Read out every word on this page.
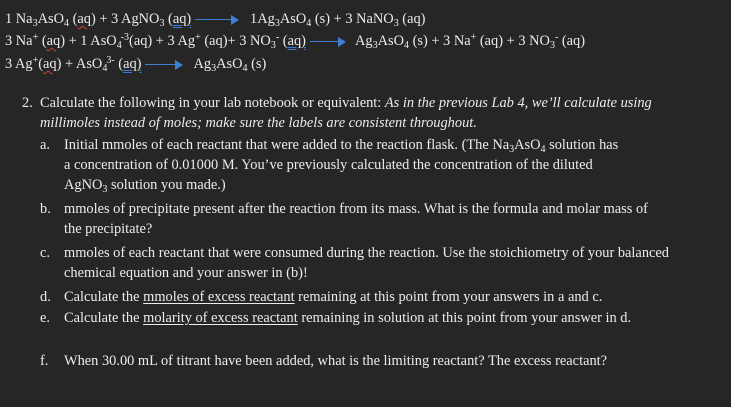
1 $Na_3AsO_4$ (aq) + 3 AgNO$_3$ (aq)	$1Ag_3AsO_4$ (s) + 3 NaNO$_3$ (aq)
3 Na+ (aq) + 1 AsO$_4^{-3}$(aq) + 3 Ag+ (aq)+ 3 $NO_3^-$ (aq)	$Ag_3AsO_4$ (s) + 3 Na+ (aq) + 3 $NO_3^-$ (aq)
3 Ag+(aq) + AsO$_4^{3-}$ (aq)	$Ag_3AsO_4$ (s)
2. Calculate the following in your lab notebook or equivalent: As in the previous Lab 4, we’ll calculate using millimoles instead of moles; make sure the labels are consistent throughout.
a. Initial mmoles of each reactant that were added to the reaction flask. (The $Na_3AsO_4$ solution has
a concentration of 0.01000 M. You’ve previously calculated the concentration of the diluted
AgNO$_3$ solution you made.)
b. mmoles of precipitate present after the reaction from its mass. What is the formula and molar mass of the precipitate?
c. mmoles of each reactant that were consumed during the reaction. Use the stoichiometry of your balanced chemical equation and your answer in (b)!
d. Calculate the mmoles of excess reactant remaining at this point from your answers in a and c.
e. Calculate the molarity of excess reactant remaining in solution at this point from your answer in d.
f. When 30.00 mL of titrant have been added, what is the limiting reactant? The excess reactant?
